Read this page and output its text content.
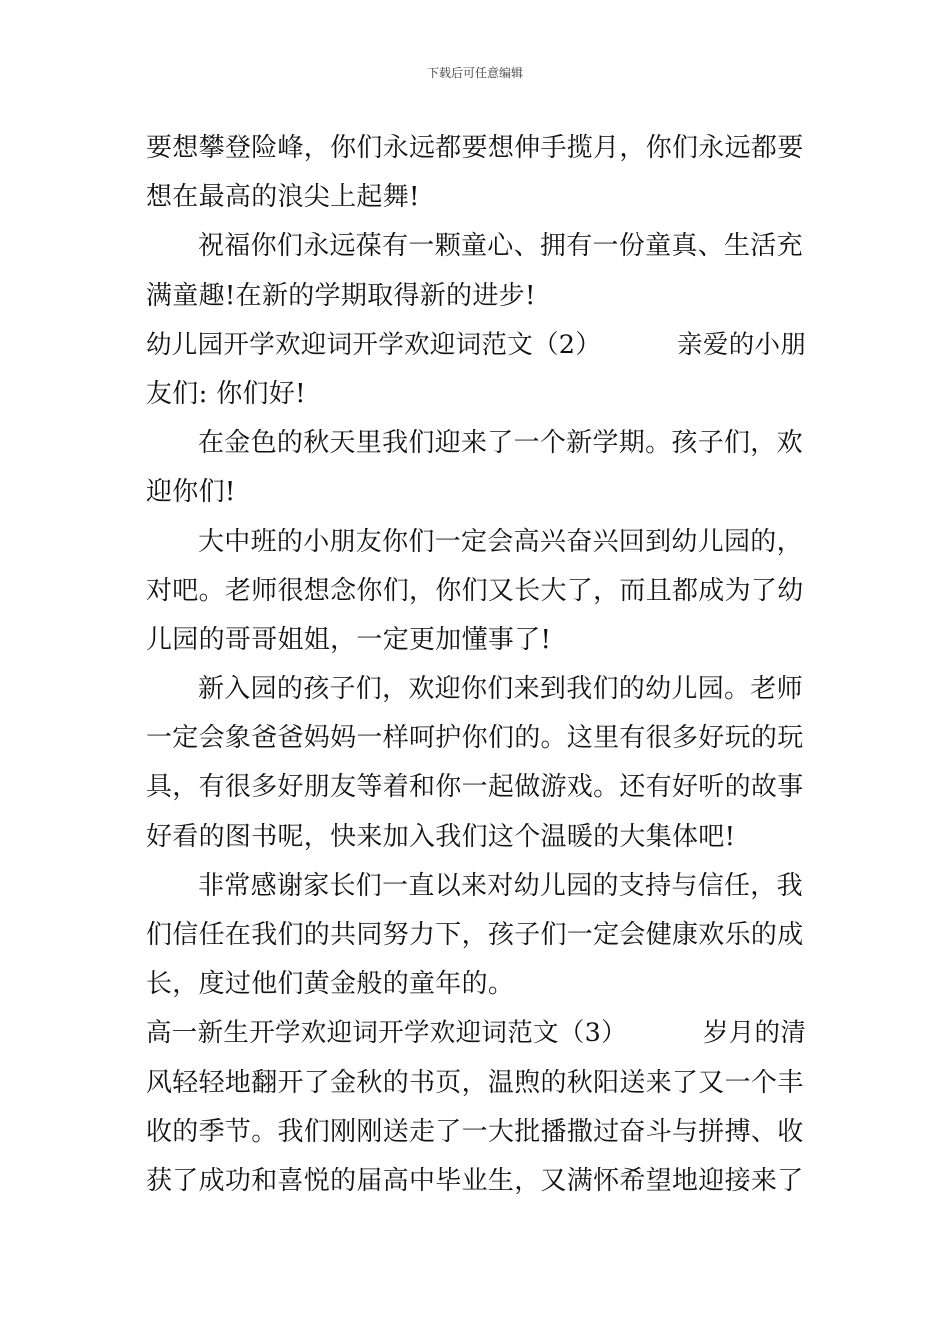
下载后可任意编辑
要想攀登险峰，你们永远都要想伸手揽月，你们永远都要
想在最高的浪尖上起舞!
祝福你们永远葆有一颗童心、拥有一份童真、生活充
满童趣!在新的学期取得新的进步!
幼儿园开学欢迎词开学欢迎词范文（2）	亲爱的小朋
友们: 你们好!
在金色的秋天里我们迎来了一个新学期。孩子们，欢
迎你们!
大中班的小朋友你们一定会高兴奋兴回到幼儿园的，
对吧。老师很想念你们，你们又长大了，而且都成为了幼
儿园的哥哥姐姐，一定更加懂事了!
新入园的孩子们，欢迎你们来到我们的幼儿园。老师
一定会象爸爸妈妈一样呵护你们的。这里有很多好玩的玩
具，有很多好朋友等着和你一起做游戏。还有好听的故事
好看的图书呢，快来加入我们这个温暖的大集体吧!
非常感谢家长们一直以来对幼儿园的支持与信任，我
们信任在我们的共同努力下，孩子们一定会健康欢乐的成
长，度过他们黄金般的童年的。
高一新生开学欢迎词开学欢迎词范文（3）	岁月的清
风轻轻地翻开了金秋的书页，温煦的秋阳送来了又一个丰
收的季节。我们刚刚送走了一大批播撒过奋斗与拼搏、收
获了成功和喜悦的届高中毕业生，又满怀希望地迎接来了
